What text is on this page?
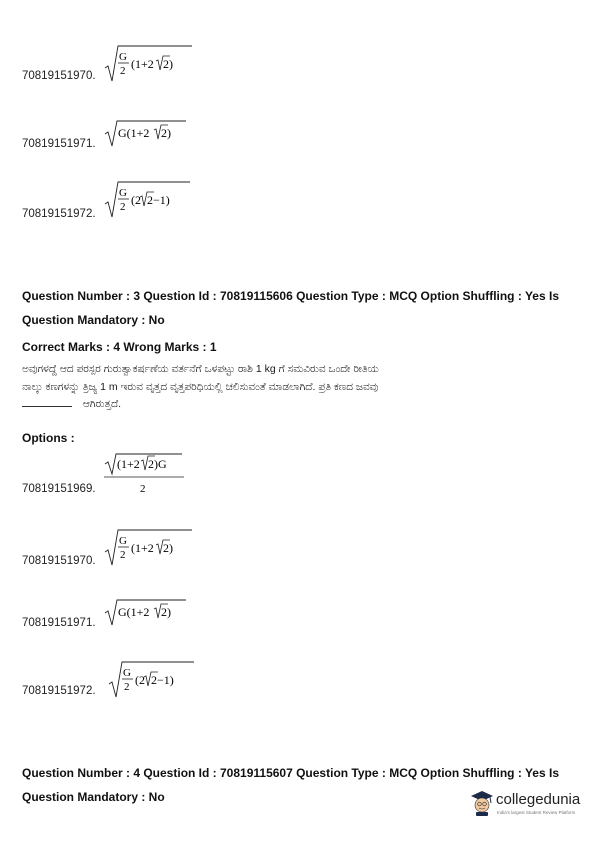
70819151970.
G
2 (1+2 2)
70819151971.
G(1+2 2)
70819151972.
G
2 (2 2−1)
Question Number : 3 Question Id : 70819115606 Question Type : MCQ Option Shuffling : Yes Is
Question Mandatory : No
Correct Marks : 4 Wrong Marks : 1
ಅವುಗಳದ್ದೆ ಆದ ಪರಸ್ಪರ ಗುರುತ್ವಾಕರ್ಷಣೆಯ ವರ್ತನೆಗೆ ಒಳಪಟ್ಟು ರಾಶಿ 1 kg ಗೆ ಸಮವಿರುವ ಒಂದೇ ರೀತಿಯ
ನಾಲ್ಕು ಕಣಗಳನ್ನು ತ್ರಿಜ್ಯ 1 m ಇರುವ ವೃತ್ತದ ವೃತ್ತಪರಿಧಿಯಲ್ಲಿ ಚಲಿಸುವಂತೆ ಮಾಡಲಾಗಿದೆ. ಪ್ರತಿ ಕಣದ ಜವವು
ಆಗಿರುತ್ತದೆ.
Options :
70819151969.
(1+2 2)G
2
70819151970.
G
2 (1+2 2)
70819151971.
G(1+2 2)
70819151972.
G
2 (2 2−1)
Question Number : 4 Question Id : 70819115607 Question Type : MCQ Option Shuffling : Yes Is
Question Mandatory : No	collegedunia
India's largest Student Review Platform
